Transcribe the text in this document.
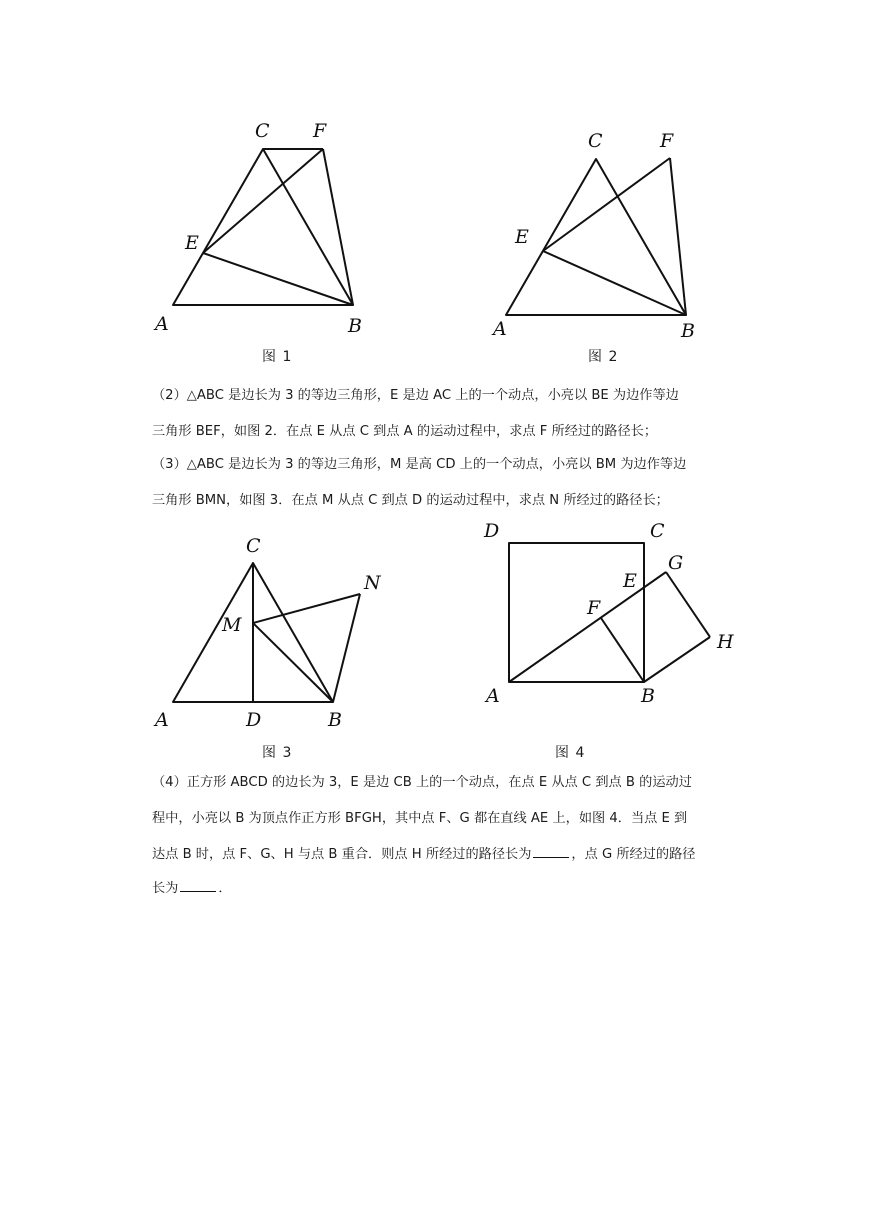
C F
E
A	B
C	F
E
A	B
C
N
M
A	D	B
D	C
G
E
F
H
A	B
图 1	图 2
图 3	图 4

（2）△ABC 是边长为 3 的等边三角形，E 是边 AC 上的一个动点，小亮以 BE 为边作等边

三角形 BEF，如图 2．在点 E 从点 C 到点 A 的运动过程中，求点 F 所经过的路径长；

（3）△ABC 是边长为 3 的等边三角形，M 是高 CD 上的一个动点，小亮以 BM 为边作等边

三角形 BMN，如图 3．在点 M 从点 C 到点 D 的运动过程中，求点 N 所经过的路径长；

（4）正方形 ABCD 的边长为 3，E 是边 CB 上的一个动点，在点 E 从点 C 到点 B 的运动过

程中，小亮以 B 为顶点作正方形 BFGH，其中点 F、G 都在直线 AE 上，如图 4．当点 E 到

达点 B 时，点 F、G、H 与点 B 重合．则点 H 所经过的路径长为	，点 G 所经过的路径

长为	．
